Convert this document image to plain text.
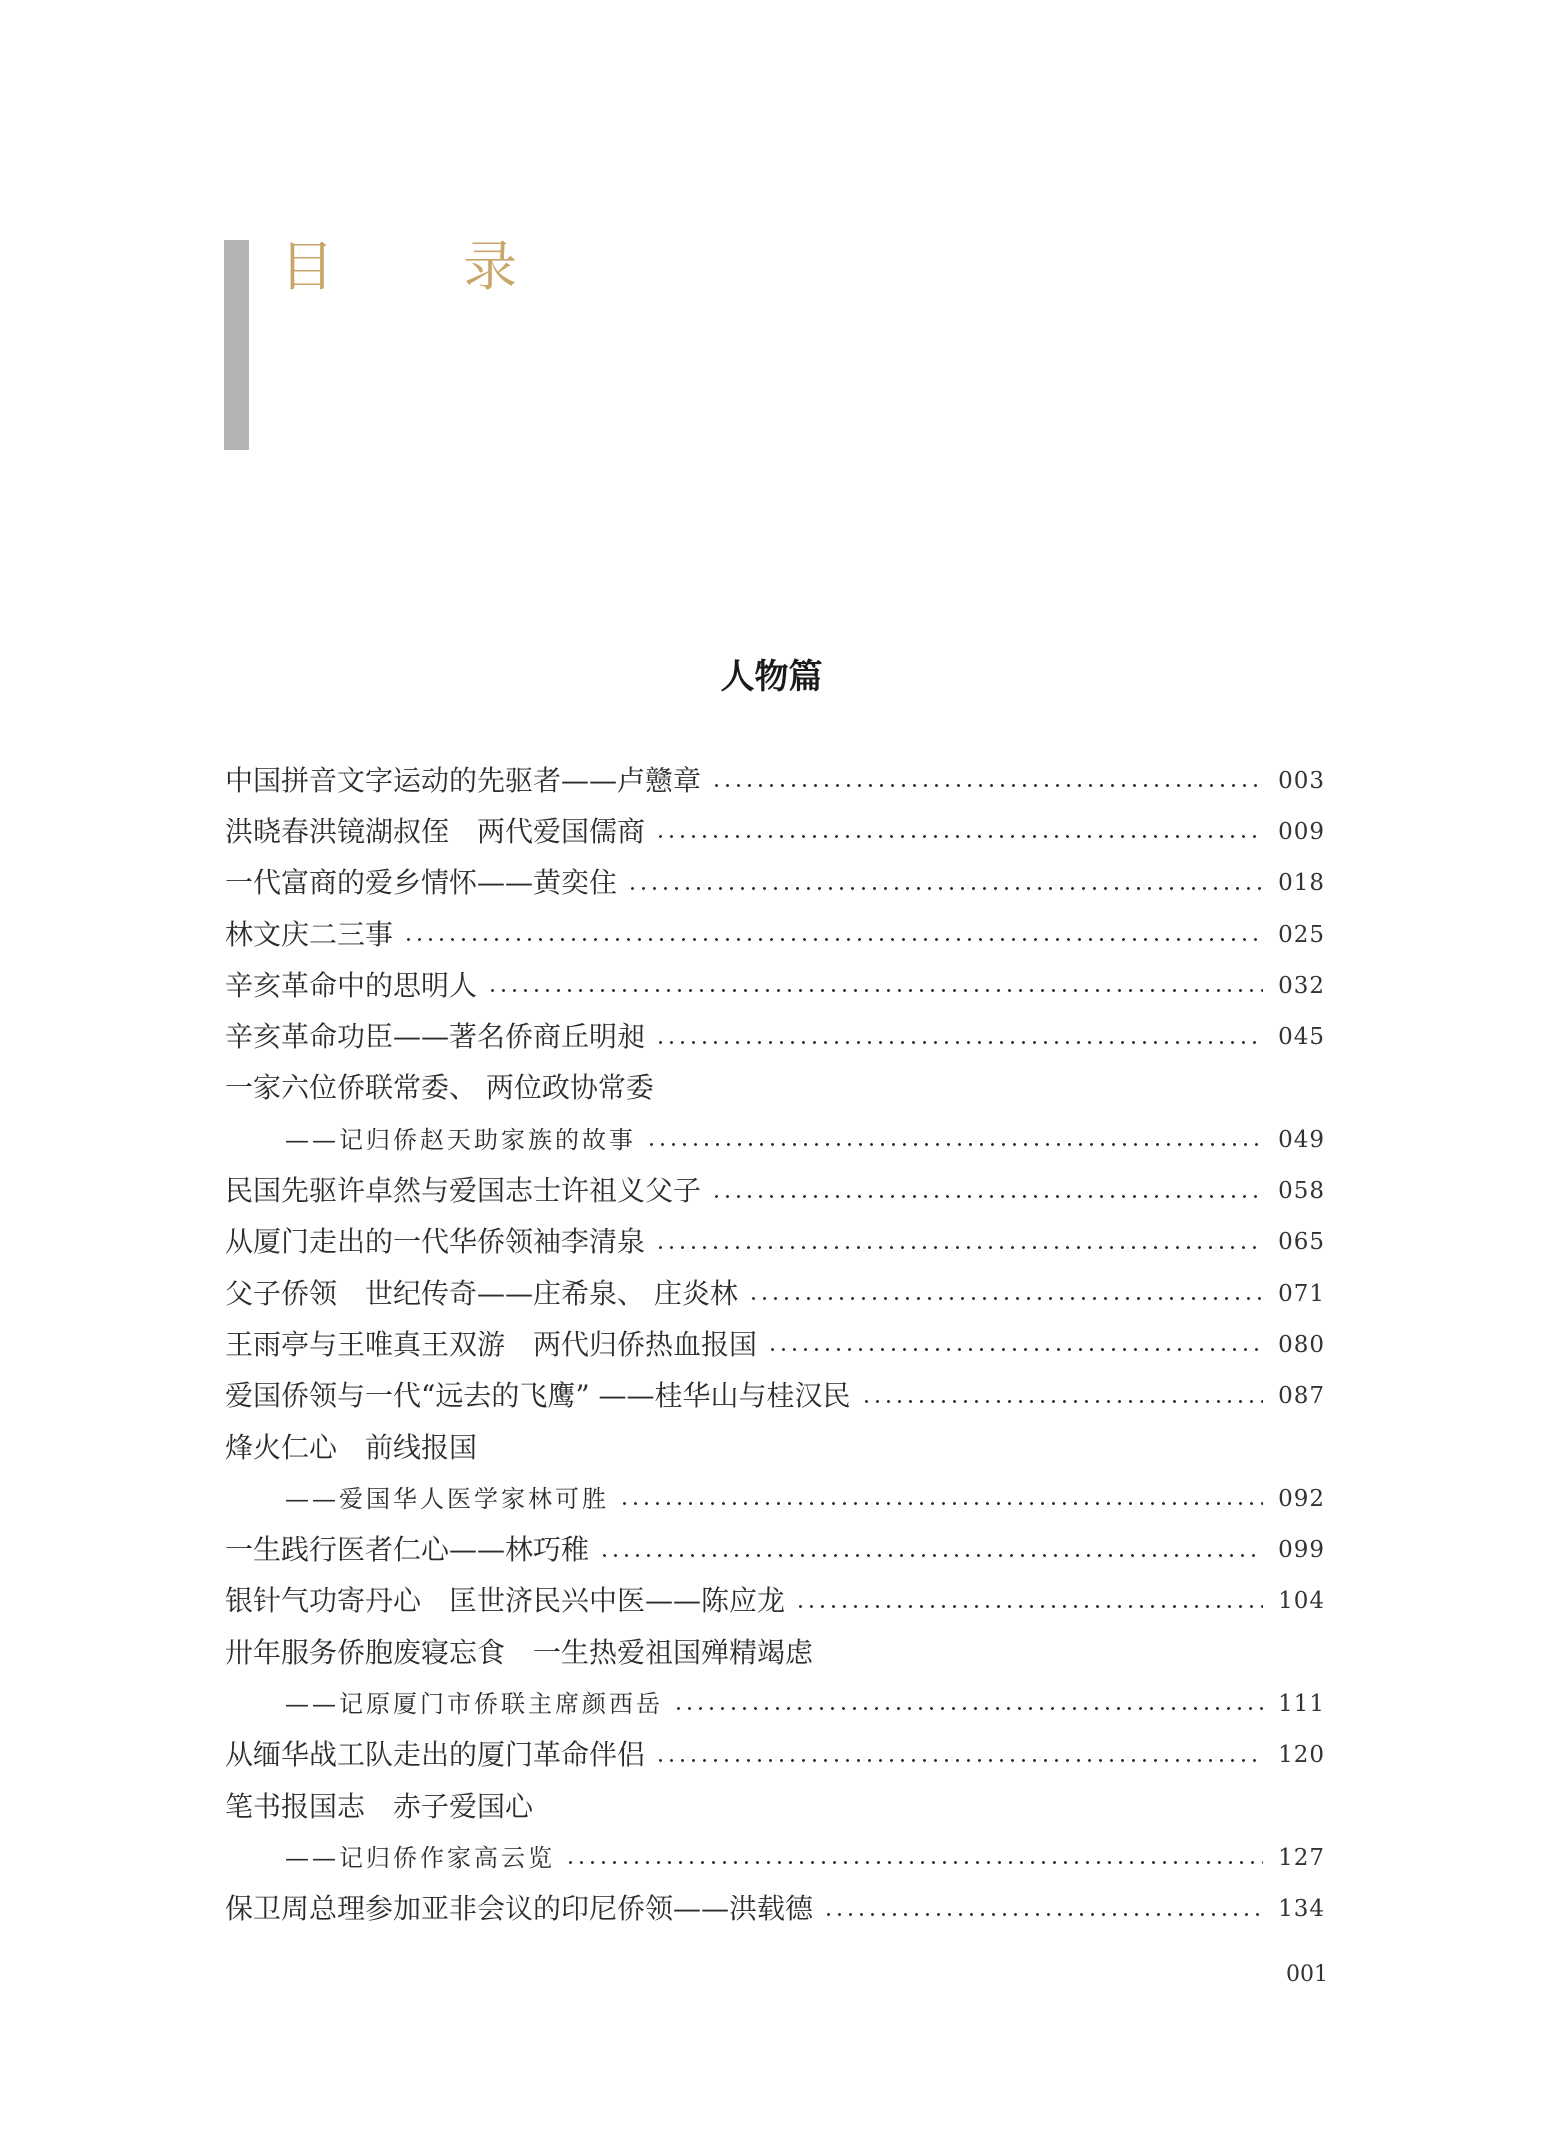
目 录
人物篇
中国拼音文字运动的先驱者——卢戆章	003
洪晓春洪镜湖叔侄　两代爱国儒商	009
一代富商的爱乡情怀——黄奕住	018
林文庆二三事	025
辛亥革命中的思明人	032
辛亥革命功臣——著名侨商丘明昶	045
一家六位侨联常委、 两位政协常委
——记归侨赵天助家族的故事	049
民国先驱许卓然与爱国志士许祖义父子	058
从厦门走出的一代华侨领袖李清泉	065
父子侨领　世纪传奇——庄希泉、 庄炎林	071
王雨亭与王唯真王双游　两代归侨热血报国	080
爱国侨领与一代“远去的飞鹰” ——桂华山与桂汉民	087
烽火仁心　前线报国
——爱国华人医学家林可胜	092
一生践行医者仁心——林巧稚	099
银针气功寄丹心　匡世济民兴中医——陈应龙	104
卅年服务侨胞废寝忘食　一生热爱祖国殚精竭虑
——记原厦门市侨联主席颜西岳	111
从缅华战工队走出的厦门革命伴侣	120
笔书报国志　赤子爱国心
——记归侨作家高云览	127
保卫周总理参加亚非会议的印尼侨领——洪载德	134
001
